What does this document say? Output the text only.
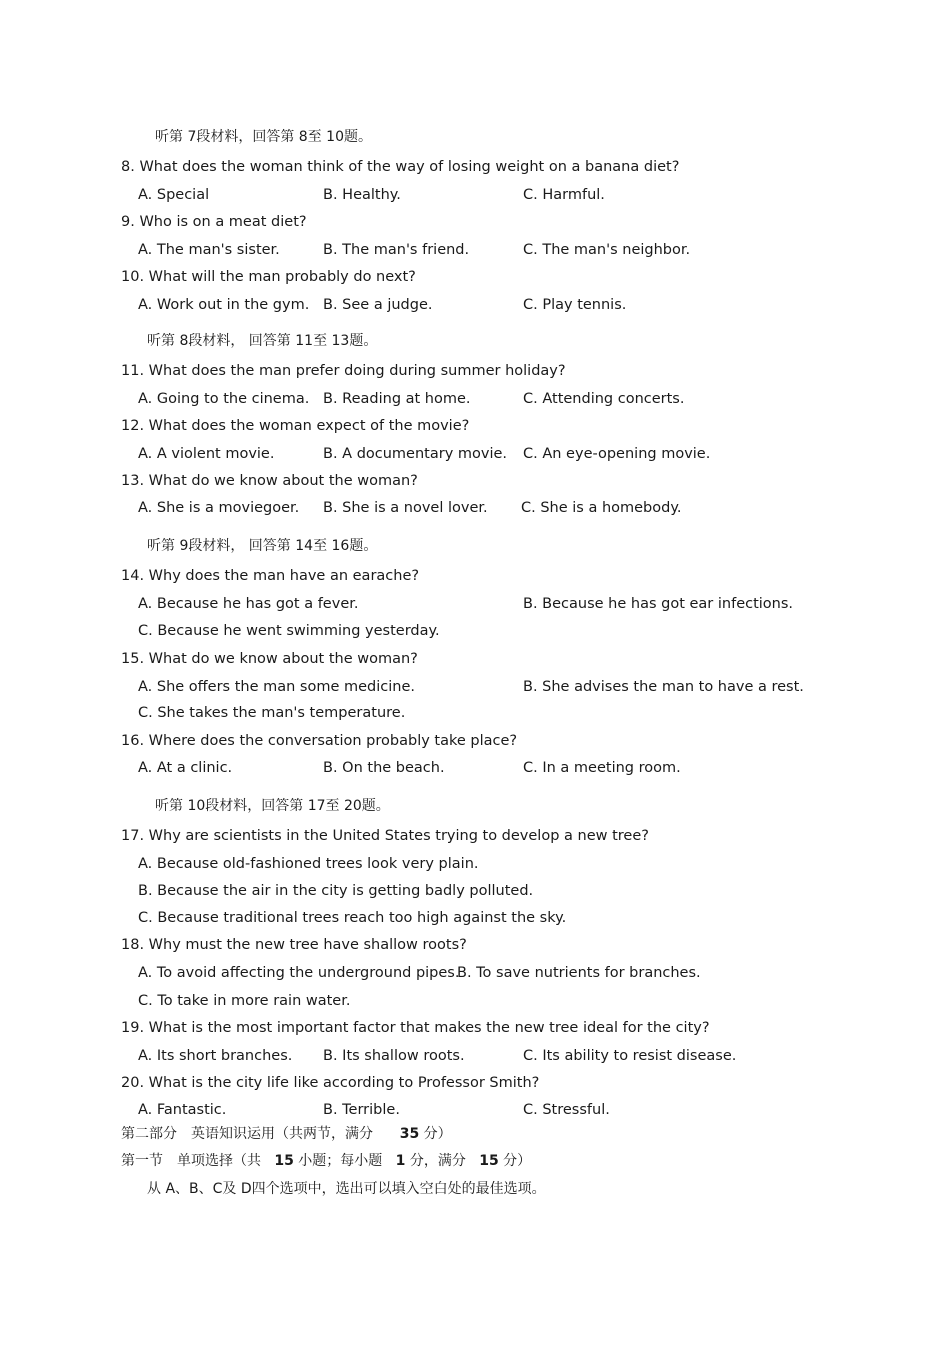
听第 7段材料，回答第 8至 10题。
8. What does the woman think of the way of losing weight on a banana diet?
A. Special	B. Healthy.	C. Harmful.
9. Who is on a meat diet?
A. The man's sister.	B. The man's friend.	C. The man's neighbor.
10. What will the man probably do next?
A. Work out in the gym. B. See a judge.	C. Play tennis.
听第 8段材料， 回答第 11至 13题。
11. What does the man prefer doing during summer holiday?
A. Going to the cinema. B. Reading at home.	C. Attending concerts.
12. What does the woman expect of the movie?
A. A violent movie.	B. A documentary movie. C. An eye-opening movie.
13. What do we know about the woman?
A. She is a moviegoer. B. She is a novel lover. C. She is a homebody.
听第 9段材料， 回答第 14至 16题。
14. Why does the man have an earache?
A. Because he has got a fever.	B. Because he has got ear infections.
C. Because he went swimming yesterday.
15. What do we know about the woman?
A. She offers the man some medicine.	B. She advises the man to have a rest.
C. She takes the man's temperature.
16. Where does the conversation probably take place?
A. At a clinic.	B. On the beach.	C. In a meeting room.
听第 10段材料，回答第 17至 20题。
17. Why are scientists in the United States trying to develop a new tree?
A. Because old-fashioned trees look very plain.
B. Because the air in the city is getting badly polluted.
C. Because traditional trees reach too high against the sky.
18. Why must the new tree have shallow roots?
A. To avoid affecting the underground pipes.
B. To save nutrients for branches.
C. To take in more rain water.
19. What is the most important factor that makes the new tree ideal for the city?
A. Its short branches. B. Its shallow roots.	C. Its ability to resist disease.
20. What is the city life like according to Professor Smith?
A. Fantastic.	B. Terrible.	C. Stressful.
第二部分　英语知识运用（共两节，满分 35 分）
第一节　单项选择（共 15 小题；每小题 1 分，满分 15 分）
从 A、B、C及 D四个选项中，选出可以填入空白处的最佳选项。
